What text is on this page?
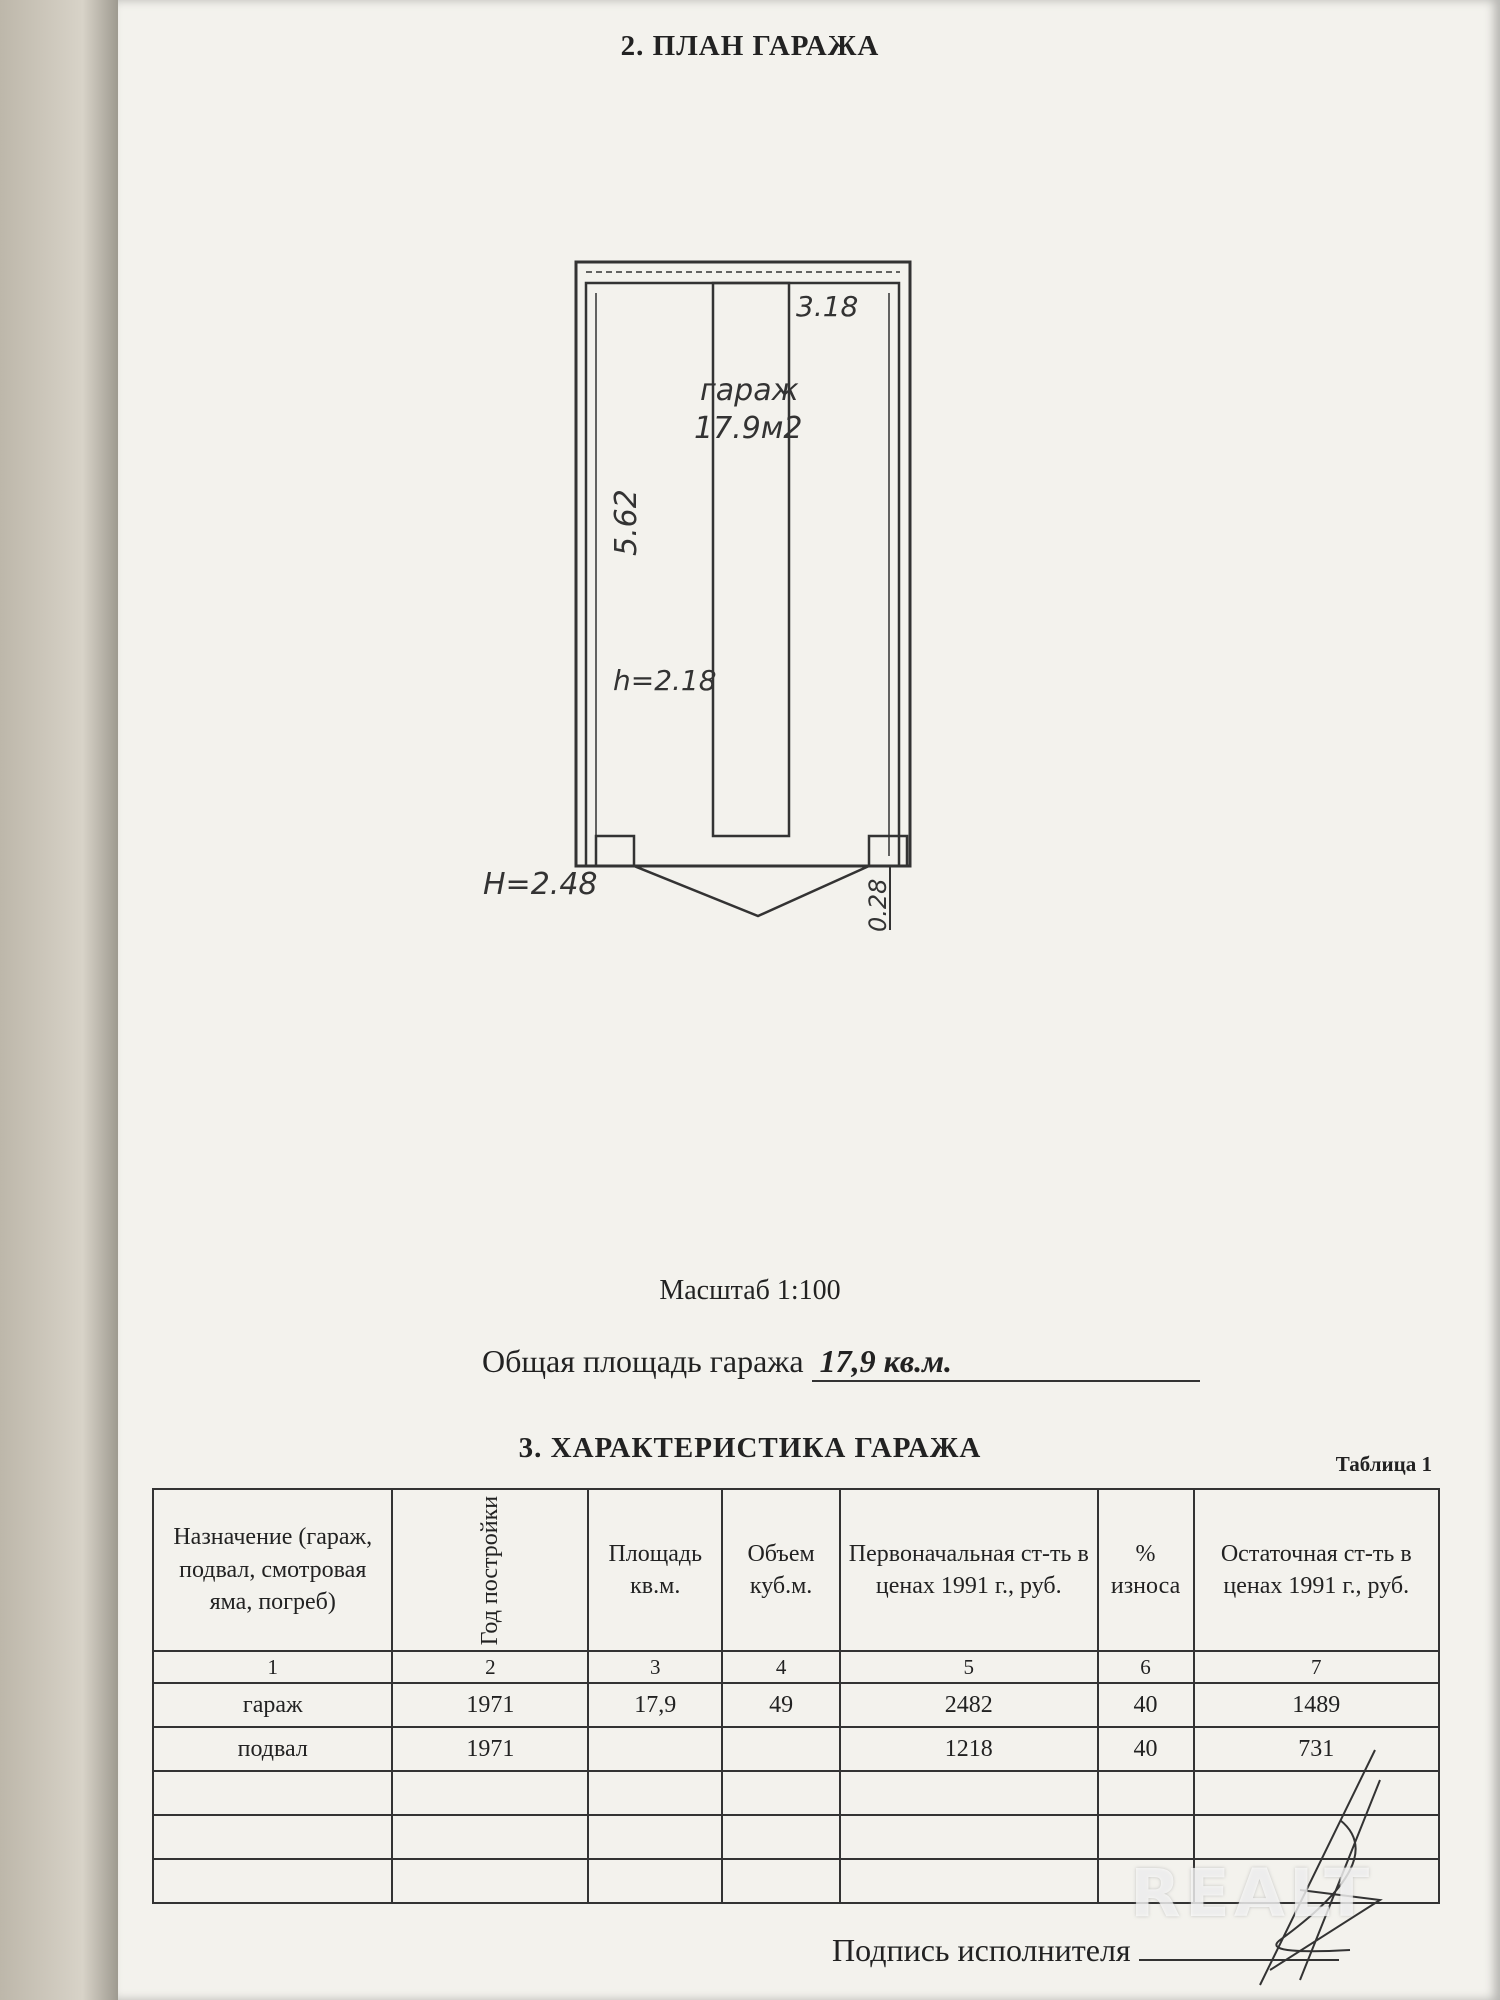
2. ПЛАН ГАРАЖА
3.18
гараж
17.9м2
5.62
h=2.18
H=2.48	0.28
Масштаб 1:100
Общая площадь гаража 17,9 кв.м.
3. ХАРАКТЕРИСТИКА ГАРАЖА	Таблица 1
Назначение (гараж, подвал, смотровая яма, погреб)	Год постройки	Площадь кв.м.	Объем куб.м.	Первоначальная ст-ть в ценах 1991 г., руб.	% износа	Остаточная ст-ть в ценах 1991 г., руб.
1	2	3	4	5	6	7
гараж	1971	17,9	49	2482	40	1489
подвал	1971			1218	40	731

Подпись исполнителя
REALT
